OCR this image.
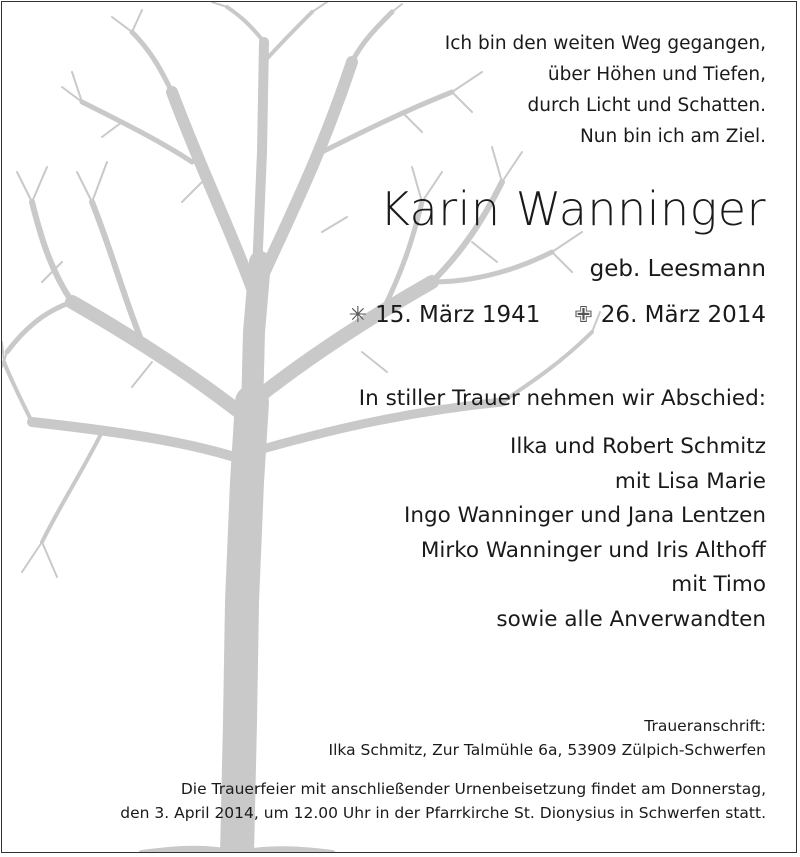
Ich bin den weiten Weg gegangen,
über Höhen und Tiefen,
durch Licht und Schatten.
Nun bin ich am Ziel.
Karin Wanninger
geb. Leesmann
✳ 15. März 1941 ✙ 26. März 2014
In stiller Trauer nehmen wir Abschied:
Ilka und Robert Schmitz
mit Lisa Marie
Ingo Wanninger und Jana Lentzen
Mirko Wanninger und Iris Althoff
mit Timo
sowie alle Anverwandten
Traueranschrift:
Ilka Schmitz, Zur Talmühle 6a, 53909 Zülpich-Schwerfen
Die Trauerfeier mit anschließender Urnenbeisetzung findet am Donnerstag,
den 3. April 2014, um 12.00 Uhr in der Pfarrkirche St. Dionysius in Schwerfen statt.
